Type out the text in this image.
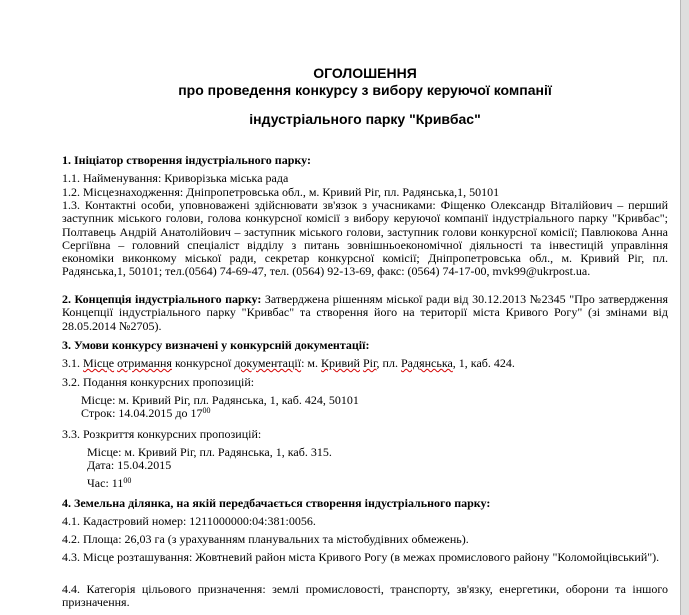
ОГОЛОШЕННЯ
про проведення конкурсу з вибору керуючої компанії
індустріального парку "Кривбас"

1. Ініціатор створення індустріального парку:

1.1. Найменування: Криворізька міська рада

1.2. Місцезнаходження: Дніпропетровська обл., м. Кривий Ріг, пл. Радянська,1, 50101

1.3. Контактні особи, уповноважені здійснювати зв'язок з учасниками: Фіщенко Олександр Віталійович – перший заступник міського голови, голова конкурсної комісії з вибору керуючої компанії індустріального парку "Кривбас"; Полтавець Андрій Анатолійович – заступник міського голови, заступник голови конкурсної комісії; Павлюкова Анна Сергіївна – головний спеціаліст відділу з питань зовнішньоекономічної діяльності та інвестицій управління економіки виконкому міської ради, секретар конкурсної комісії; Дніпропетровська обл., м. Кривий Ріг, пл. Радянська,1, 50101; тел.(0564) 74-69-47, тел. (0564) 92-13-69, факс: (0564) 74-17-00, mvk99@ukrpost.ua.

2. Концепція індустріального парку: Затверджена рішенням міської ради від 30.12.2013 №2345 "Про затвердження Концепції індустріального парку "Кривбас" та створення його на території міста Кривого Рогу" (зі змінами від 28.05.2014 №2705).

3. Умови конкурсу визначені у конкурсній документації:

3.1. Місце отримання конкурсної документації: м. Кривий Ріг, пл. Радянська, 1, каб. 424.

3.2. Подання конкурсних пропозицій:

Місце: м. Кривий Ріг, пл. Радянська, 1, каб. 424, 50101

Строк: 14.04.2015 до $17^{00}$

3.3. Розкриття конкурсних пропозицій:

Місце: м. Кривий Ріг, пл. Радянська, 1, каб. 315.

Дата: 15.04.2015

Час: $11^{00}$

4. Земельна ділянка, на якій передбачається створення індустріального парку:

4.1. Кадастровий номер: 1211000000:04:381:0056.

4.2. Площа: 26,03 га (з урахуванням планувальних та містобудівних обмежень).

4.3. Місце розташування: Жовтневий район міста Кривого Рогу (в межах промислового району "Коломойцівський").

4.4. Категорія цільового призначення: землі промисловості, транспорту, зв'язку, енергетики, оборони та іншого призначення.
